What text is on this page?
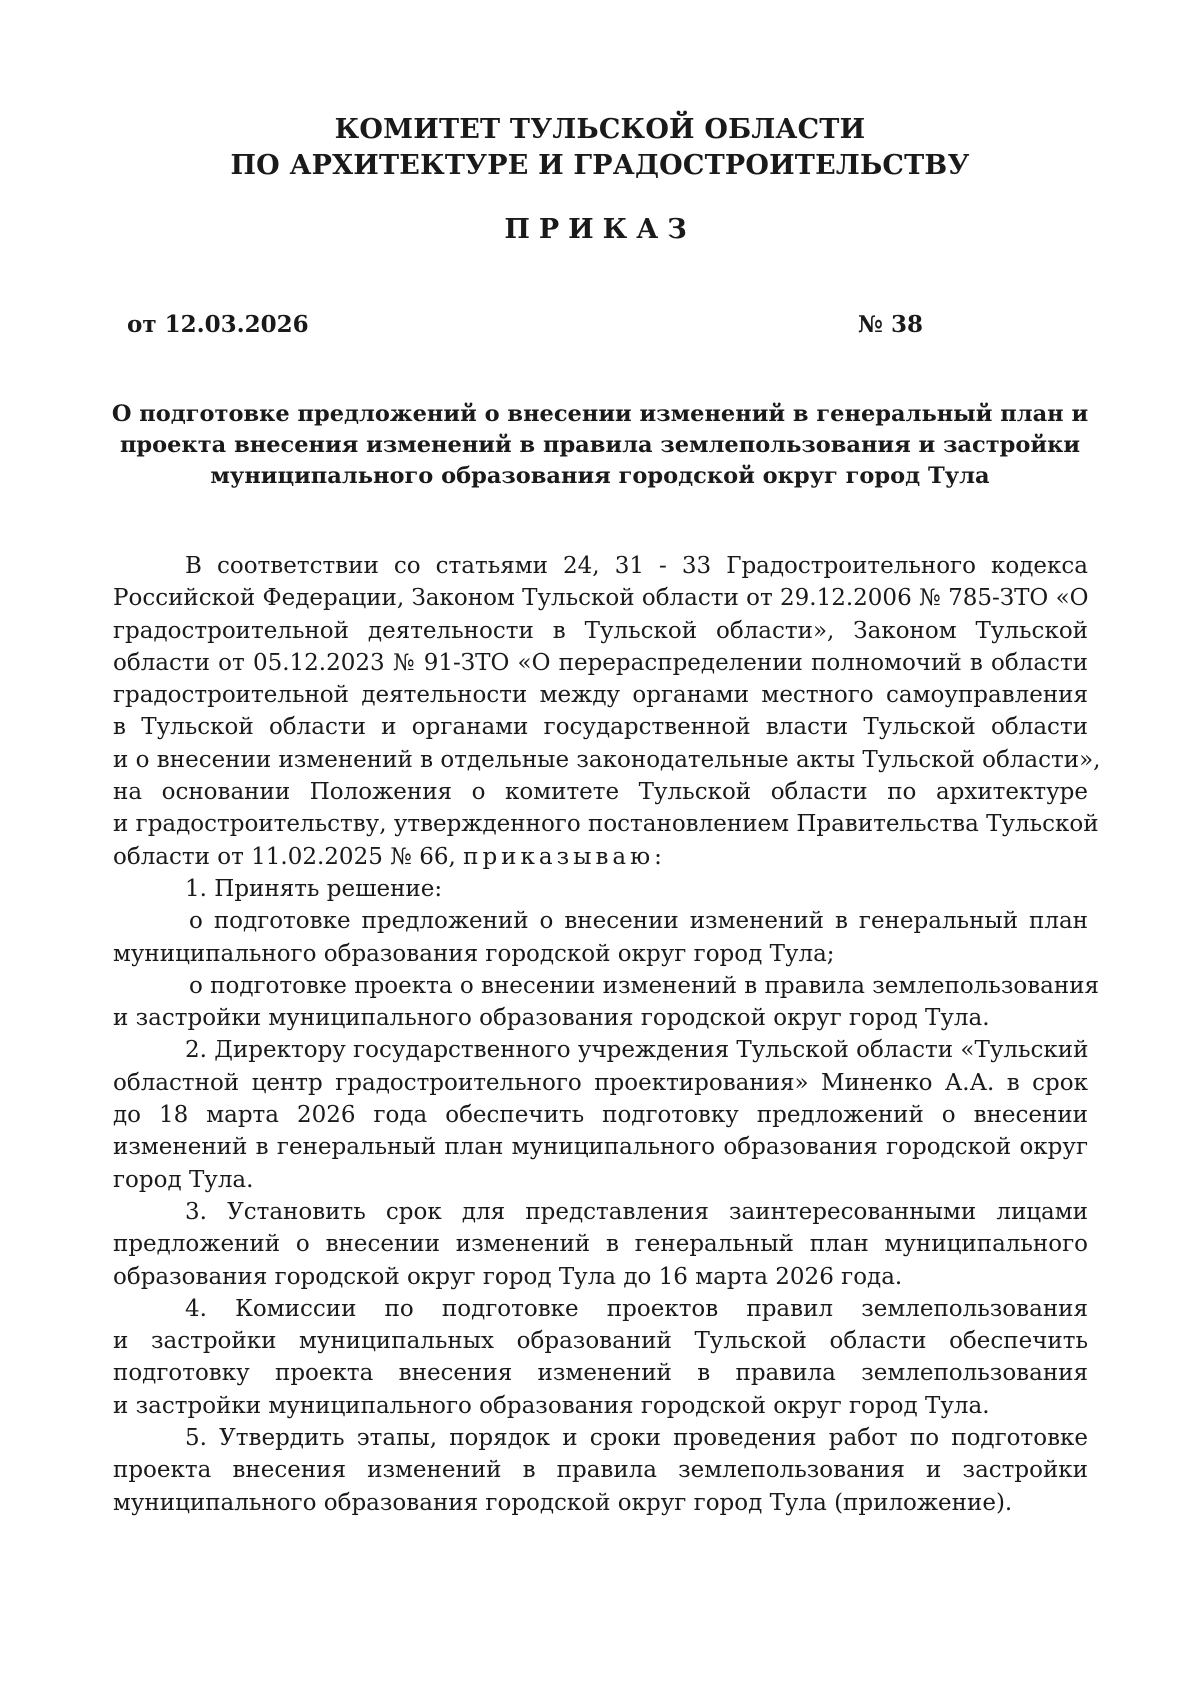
КОМИТЕТ ТУЛЬСКОЙ ОБЛАСТИ
ПО АРХИТЕКТУРЕ И ГРАДОСТРОИТЕЛЬСТВУ
ПРИКАЗ
от 12.03.2026	№ 38
О подготовке предложений о внесении изменений в генеральный план и
проекта внесения изменений в правила землепользования и застройки
муниципального образования городской округ город Тула
В соответствии со статьями 24, 31 - 33 Градостроительного кодекса
Российской Федерации, Законом Тульской области от 29.12.2006 № 785-ЗТО «О
градостроительной деятельности в Тульской области», Законом Тульской
области от 05.12.2023 № 91-ЗТО «О перераспределении полномочий в области
градостроительной деятельности между органами местного самоуправления
в Тульской области и органами государственной власти Тульской области
и о внесении изменений в отдельные законодательные акты Тульской области»,
на основании Положения о комитете Тульской области по архитектуре
и градостроительству, утвержденного постановлением Правительства Тульской
области от 11.02.2025 № 66, приказываю:
1. Принять решение:
о подготовке предложений о внесении изменений в генеральный план
муниципального образования городской округ город Тула;
о подготовке проекта о внесении изменений в правила землепользования
и застройки муниципального образования городской округ город Тула.
2. Директору государственного учреждения Тульской области «Тульский
областной центр градостроительного проектирования» Миненко А.А. в срок
до 18 марта 2026 года обеспечить подготовку предложений о внесении
изменений в генеральный план муниципального образования городской округ
город Тула.
3. Установить срок для представления заинтересованными лицами
предложений о внесении изменений в генеральный план муниципального
образования городской округ город Тула до 16 марта 2026 года.
4. Комиссии по подготовке проектов правил землепользования
и застройки муниципальных образований Тульской области обеспечить
подготовку проекта внесения изменений в правила землепользования
и застройки муниципального образования городской округ город Тула.
5. Утвердить этапы, порядок и сроки проведения работ по подготовке
проекта внесения изменений в правила землепользования и застройки
муниципального образования городской округ город Тула (приложение).
